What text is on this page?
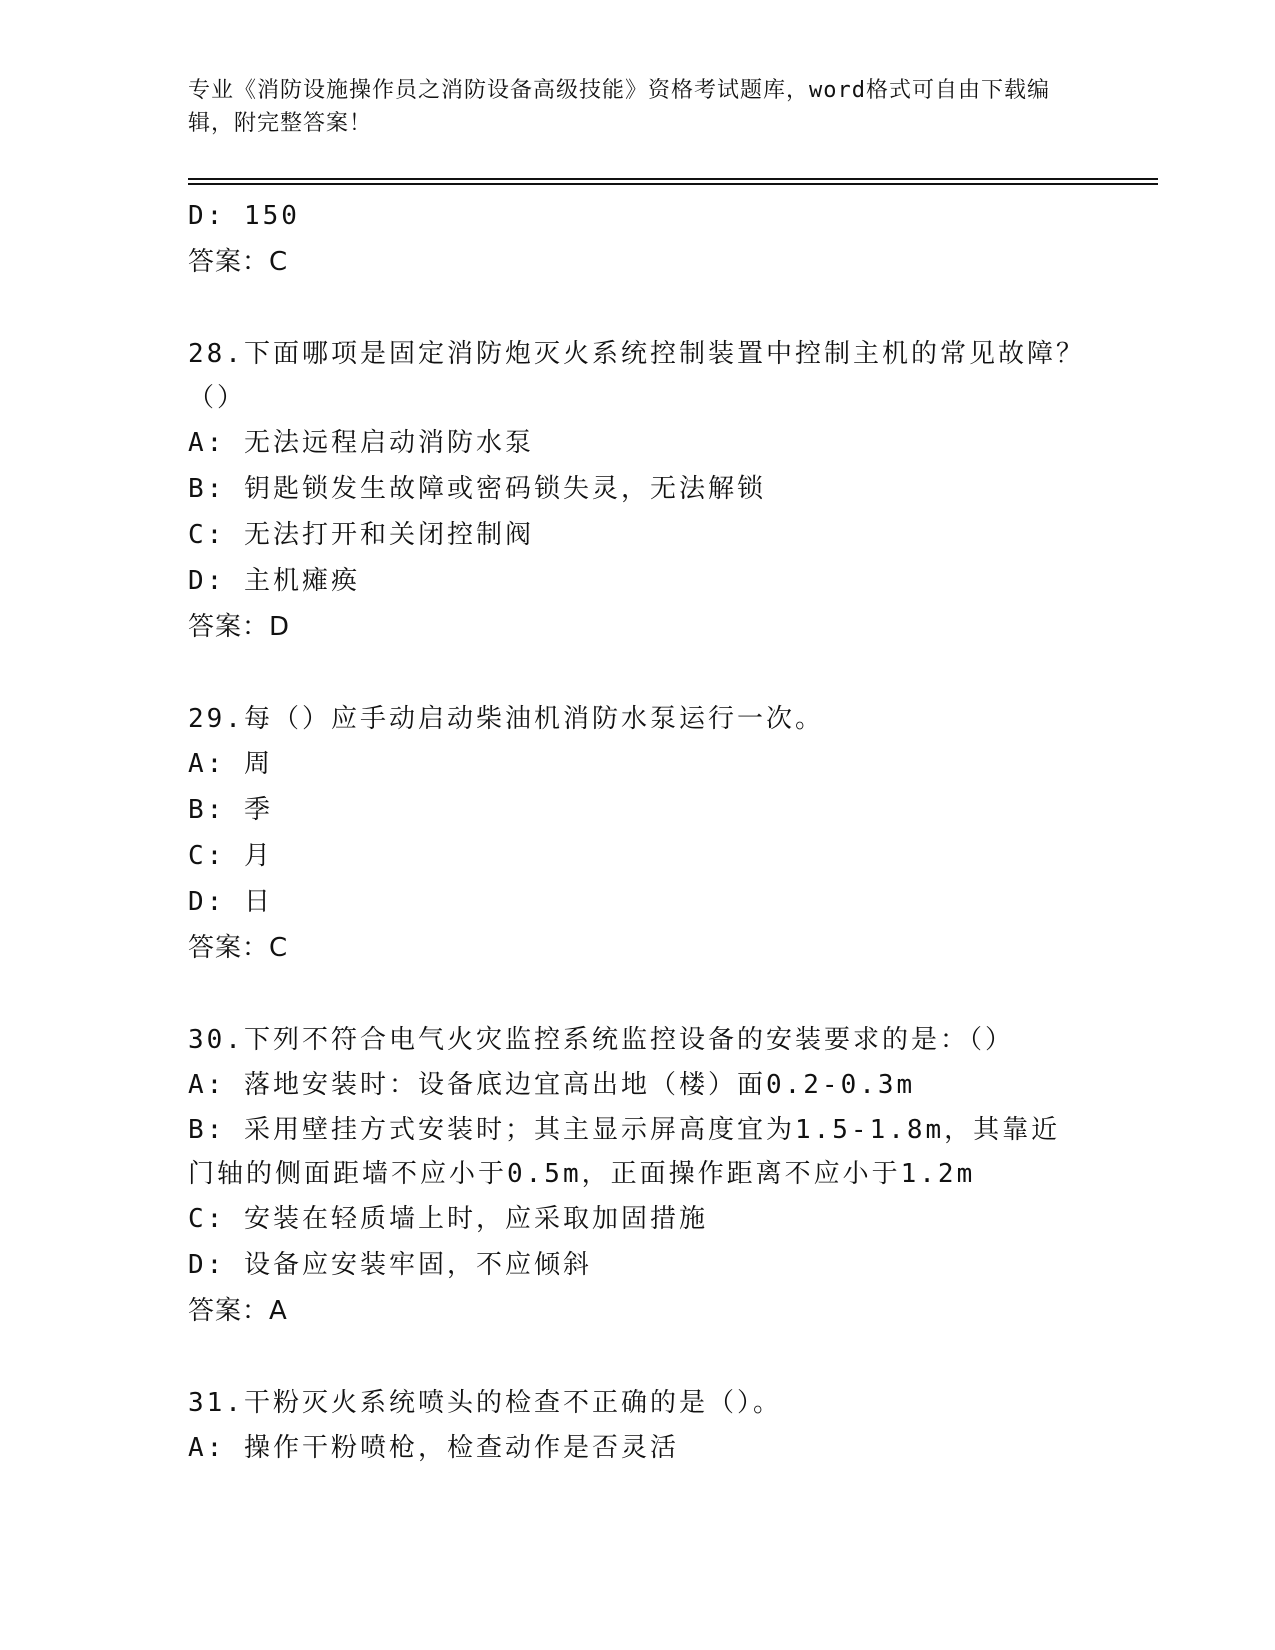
专业《消防设施操作员之消防设备高级技能》资格考试题库，word格式可自由下载编辑，附完整答案！
D: 150
答案：C
28.下面哪项是固定消防炮灭火系统控制装置中控制主机的常见故障？（）
A: 无法远程启动消防水泵
B: 钥匙锁发生故障或密码锁失灵，无法解锁
C: 无法打开和关闭控制阀
D: 主机瘫痪
答案：D
29.每（）应手动启动柴油机消防水泵运行一次。
A: 周
B: 季
C: 月
D: 日
答案：C
30.下列不符合电气火灾监控系统监控设备的安装要求的是：（）
A: 落地安装时：设备底边宜高出地（楼）面0.2-0.3m
B: 采用壁挂方式安装时；其主显示屏高度宜为1.5-1.8m，其靠近门轴的侧面距墙不应小于0.5m，正面操作距离不应小于1.2m
C: 安装在轻质墙上时，应采取加固措施
D: 设备应安装牢固，不应倾斜
答案：A
31.干粉灭火系统喷头的检查不正确的是（）。
A: 操作干粉喷枪，检查动作是否灵活
